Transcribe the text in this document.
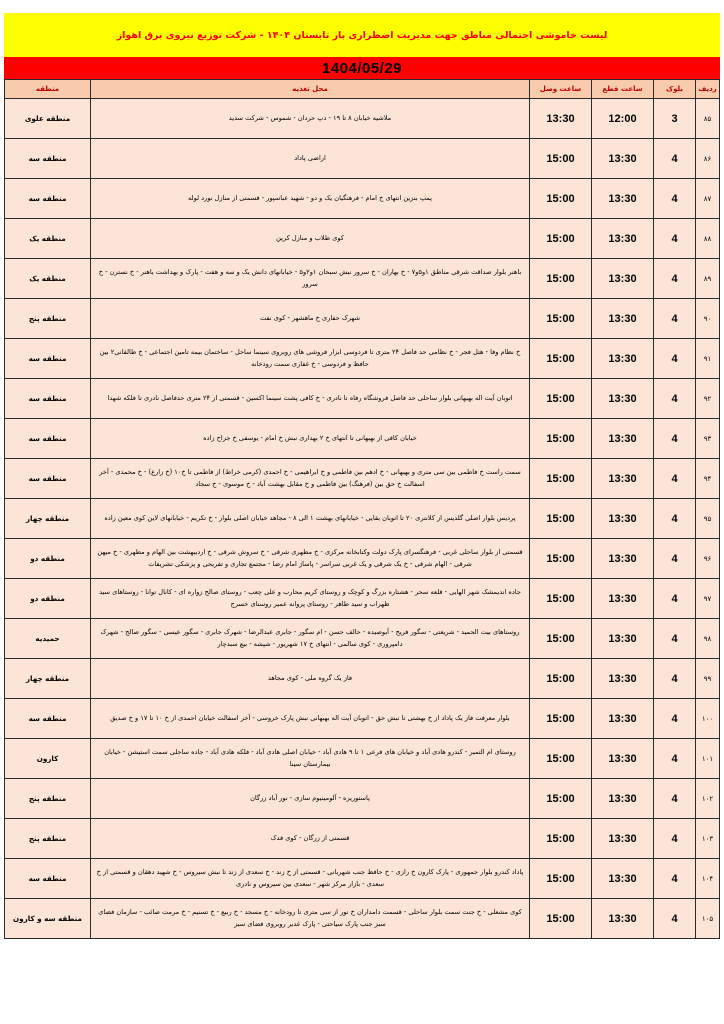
لیست خاموشی احتمالی مناطق جهت مدیریت اضطراری بار تابستان ۱۴۰۴ - شرکت توزیع نیروی برق اهواز
1404/05/29
ردیف	بلوک	ساعت قطع	ساعت وصل	محل تغذیه	منطقه
۸۵	3	12:00	13:30	ملاشیه خیابان ۸ تا ۱۹ - دپ حردان - شموس - شرکت سدید	منطقه علوی
۸۶	4	13:30	15:00	اراضی پاداد	منطقه سه
۸۷	4	13:30	15:00	پمپ بنزین انتهای خ امام - فرهنگیان یک و دو - شهید عباسپور - قسمتی از منازل نورد لوله	منطقه سه
۸۸	4	13:30	15:00	کوی طلاب و منازل کرین	منطقه یک
۸۹	4	13:30	15:00	باهنر بلوار صداقت شرقی مناطق ۱و۵و۷ - خ بهاران - خ سرور نبش سبحان ۱و۲و۵ - خیابانهای دانش یک و سه و هفت - پارک و بهداشت باهنر - خ نسترن - خ سرور	منطقه یک
۹۰	4	13:30	15:00	شهرک حفاری خ ماهشهر - کوی نفت	منطقه پنج
۹۱	4	13:30	15:00	خ نظام وفا - هتل فجر - خ نظامی حد فاصل ۲۴ متری تا فردوسی ابزار فروشی های روبروی سینما ساحل - ساختمان بیمه تامین اجتماعی - خ طالقانی۲ بین حافظ و فردوسی - خ غفاری سمت رودخانه	منطقه سه
۹۲	4	13:30	15:00	اتوبان آیت اله بهبهانی بلوار ساحلی حد فاصل فروشگاه رفاه تا نادری - خ کافی پشت سینما اکسین - قسمتی از ۲۴ متری حدفاصل نادری تا فلکه شهدا	منطقه سه
۹۳	4	13:30	15:00	خیابان کافی از بهبهانی تا انتهای خ ۲ بهداری نبش خ امام - یوسفی خ جراح زاده	منطقه سه
۹۴	4	13:30	15:00	سمت راست خ فاطمی بین سی متری و بهبهانی - خ ادهم بین فاطمی و خ ابراهیمی - خ احمدی (کرمی خراط) از فاطمی تا خ۱۰ (خ زارع) - خ محمدی - آخر اسفالت خ حق بین (فرهنگ) بین فاطمی و خ مقابل بهشت آباد - خ موسوی - خ سجاد	منطقه سه
۹۵	4	13:30	15:00	پردیس بلوار اصلی گلدیس از کلانتری ۲۰ تا اتوبان بقایی - خیابانهای بهشت ۱ الی ۸ - مجاهد خیابان اصلی بلوار - خ تکریم - خیابانهای لاین کوی معین زاده	منطقه چهار
۹۶	4	13:30	15:00	قسمتی از بلوار ساحلی غربی - فرهنگسرای پارک دولت وکتابخانه مرکزی - خ مطهری شرقی - خ سروش شرقی - خ اردیبهشت بین الهام و مطهری - خ میهن شرقی - الهام شرقی - خ یک شرقی و یک غربی سراسر - پاساژ امام رضا - مجتمع تجاری و تفریحی و پزشکی تشریفات	منطقه دو
۹۷	4	13:30	15:00	جاده اندیمشک شهر الهایی - قلعه سحر - هشتاره بزرگ و کوچک و روستای کریم محارب و علی چعب - روستای صالح زواره ای - کانال توانا - روستاهای سید ظهراب و سید طاهر - روستای پروانه عمیر روستای خسرج	منطقه دو
۹۸	4	13:30	15:00	روستاهای بیت الحمید - شریعتی - سگور فریح - آبوصیده - حالف حسن - ام سگور - جابری عبدالرضا - شهرک جابری - سگور عیسی - سگور صالح - شهرک دامپروری - کوی سالمی - انتهای خ ۱۷ شهریور - شپشه - بیع سبدچار	حمیدیه
۹۹	4	13:30	15:00	فاز یک گروه ملی - کوی مجاهد	منطقه چهار
۱۰۰	4	13:30	15:00	بلوار معرفت فاز یک پاداد از خ بهشتی تا نبش حق - اتوبان آیت اله بهبهانی نبش پارک خروسی - آخر اسفالت خیابان احمدی از خ ۱۰ تا ۱۷ و خ صدیق	منطقه سه
۱۰۱	4	13:30	15:00	روستای ام التمیر - کندرو هادی آباد و خیابان های فرعی ۱ تا ۹ هادی آباد - خیابان اصلی هادی آباد - فلکه هادی آباد - جاده ساحلی سمت استیشن - خیابان بیمارستان سینا	کارون
۱۰۲	4	13:30	15:00	پاستوریزه - آلومینیوم سازی - نور آباد زرگان	منطقه پنج
۱۰۳	4	13:30	15:00	قسمتی از زرگان - کوی فدک	منطقه پنج
۱۰۴	4	13:30	15:00	پاداد کندرو بلوار جمهوری - پارک کارون خ رازی - خ حافظ جنب شهربانی - قسمتی از خ زند - خ سعدی از زند تا نبش سیروس - خ شهید دهقان و قسمتی از خ سعدی - بازار مرکز شهر - سعدی بین سیروس و نادری	منطقه سه
۱۰۵	4	13:30	15:00	کوی مشعلی - خ جنت سمت بلوار ساحلی - قسمت دامداران خ نور از سی متری تا رودخانه - خ مسجد - خ ربیع - خ تسنیم - خ مرمت صائب - سازمان فضای سبز جنب پارک سیاحتی - پارک غدیر روبروی فضای سبز	منطقه سه و کارون
